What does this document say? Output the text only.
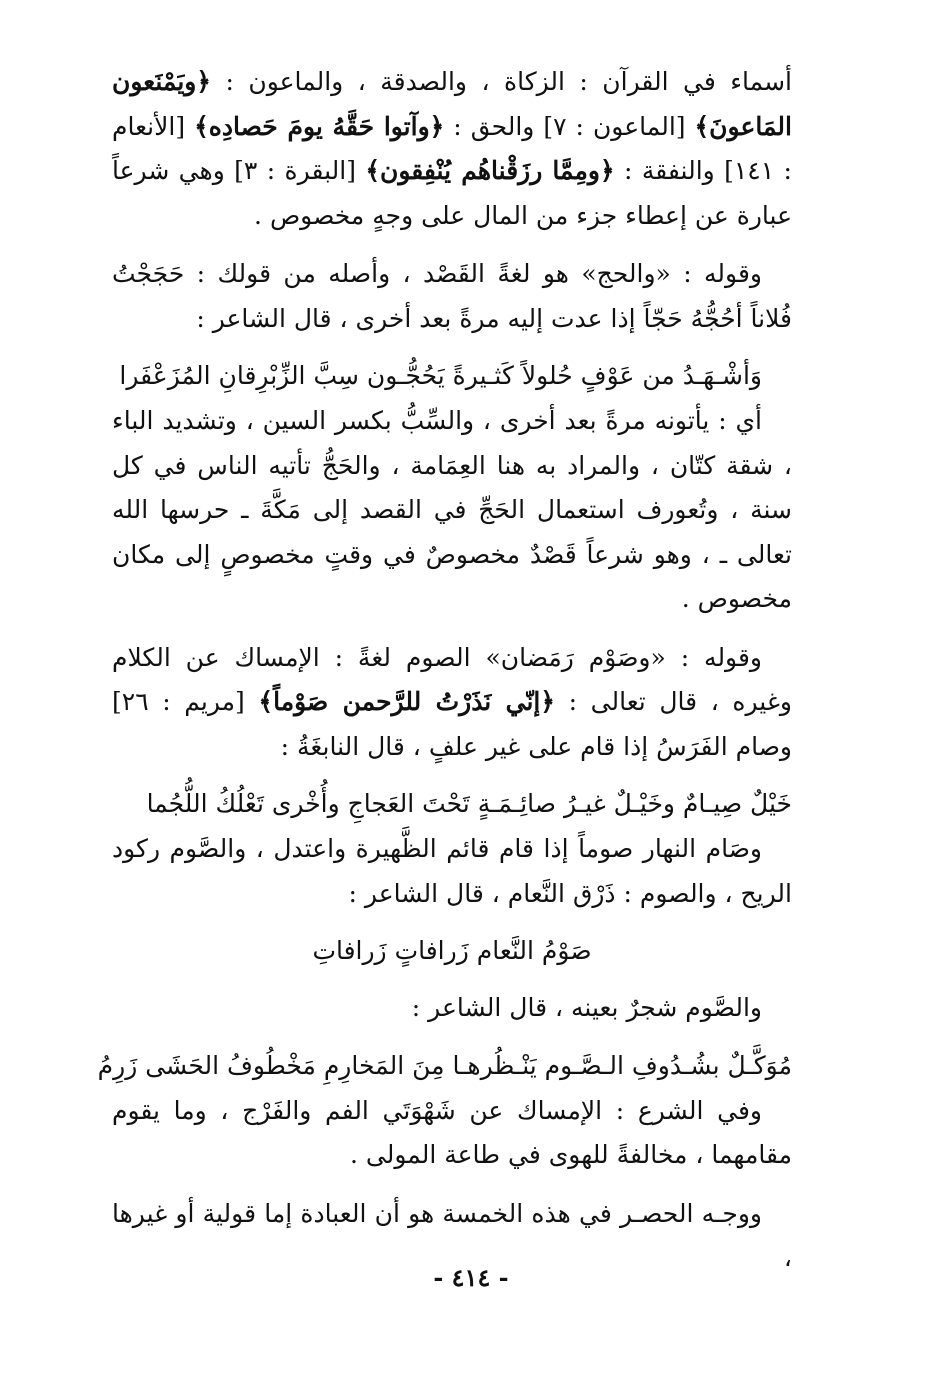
أسماء في القرآن : الزكاة ، والصدقة ، والماعون : ﴿ويَمْنَعون المَاعونَ﴾ [الماعون : ٧] والحق : ﴿وآتوا حَقَّهُ يومَ حَصادِه﴾ [الأنعام : ١٤١] والنفقة : ﴿ومِمَّا رزَقْناهُم يُنْفِقون﴾ [البقرة : ٣] وهي شرعاً عبارة عن إعطاء جزء من المال على وجهٍ مخصوص .

وقوله : «والحج» هو لغةً القَصْد ، وأصله من قولك : حَجَجْتُ فُلاناً أحُجُّهُ حَجّاً إذا عدت إليه مرةً بعد أخرى ، قال الشاعر :

وَأشْـهَـدُ من عَوْفٍ حُلولاً كَثـيرةً يَحُجُّـون سِبَّ الزِّبْرِقانِ المُزَعْفَرا

أي : يأتونه مرةً بعد أخرى ، والسِّبُّ بكسر السين ، وتشديد الباء ، شقة كتّان ، والمراد به هنا العِمَامة ، والحَجُّ تأتيه الناس في كل سنة ، وتُعورف استعمال الحَجِّ في القصد إلى مَكَّةَ ـ حرسها الله تعالى ـ ، وهو شرعاً قَصْدٌ مخصوصٌ في وقتٍ مخصوصٍ إلى مكان مخصوص .

وقوله : «وصَوْم رَمَضان» الصوم لغةً : الإمساك عن الكلام وغيره ، قال تعالى : ﴿إنّي نَذَرْتُ للرَّحمن صَوْماً﴾ [مريم : ٢٦] وصام الفَرَسُ إذا قام على غير علفٍ ، قال النابغَةُ :

خَيْلٌ صِيـامٌ وخَيْـلٌ غيـرُ صائِـمَـةٍ تَحْتَ العَجاجِ وأُخْرى تَعْلُكُ اللُّجُما

وصَام النهار صوماً إذا قام قائم الظَّهيرة واعتدل ، والصَّوم ركود الريح ، والصوم : ذَرْق النَّعام ، قال الشاعر :

صَوْمُ النَّعام زَرافاتٍ زَرافاتِ

والصَّوم شجرٌ بعينه ، قال الشاعر :

مُوَكَّـلٌ بشُـدُوفِ الـصَّـوم يَنْـظُرهـا مِنَ المَخارِمِ مَخْطُوفُ الحَشَى زَرِمُ

وفي الشرع : الإمساك عن شَهْوَتَي الفم والفَرْج ، وما يقوم مقامهما ، مخالفةً للهوى في طاعة المولى .

ووجـه الحصـر في هذه الخمسة هو أن العبادة إما قولية أو غيرها ،

- ٤١٤ -
